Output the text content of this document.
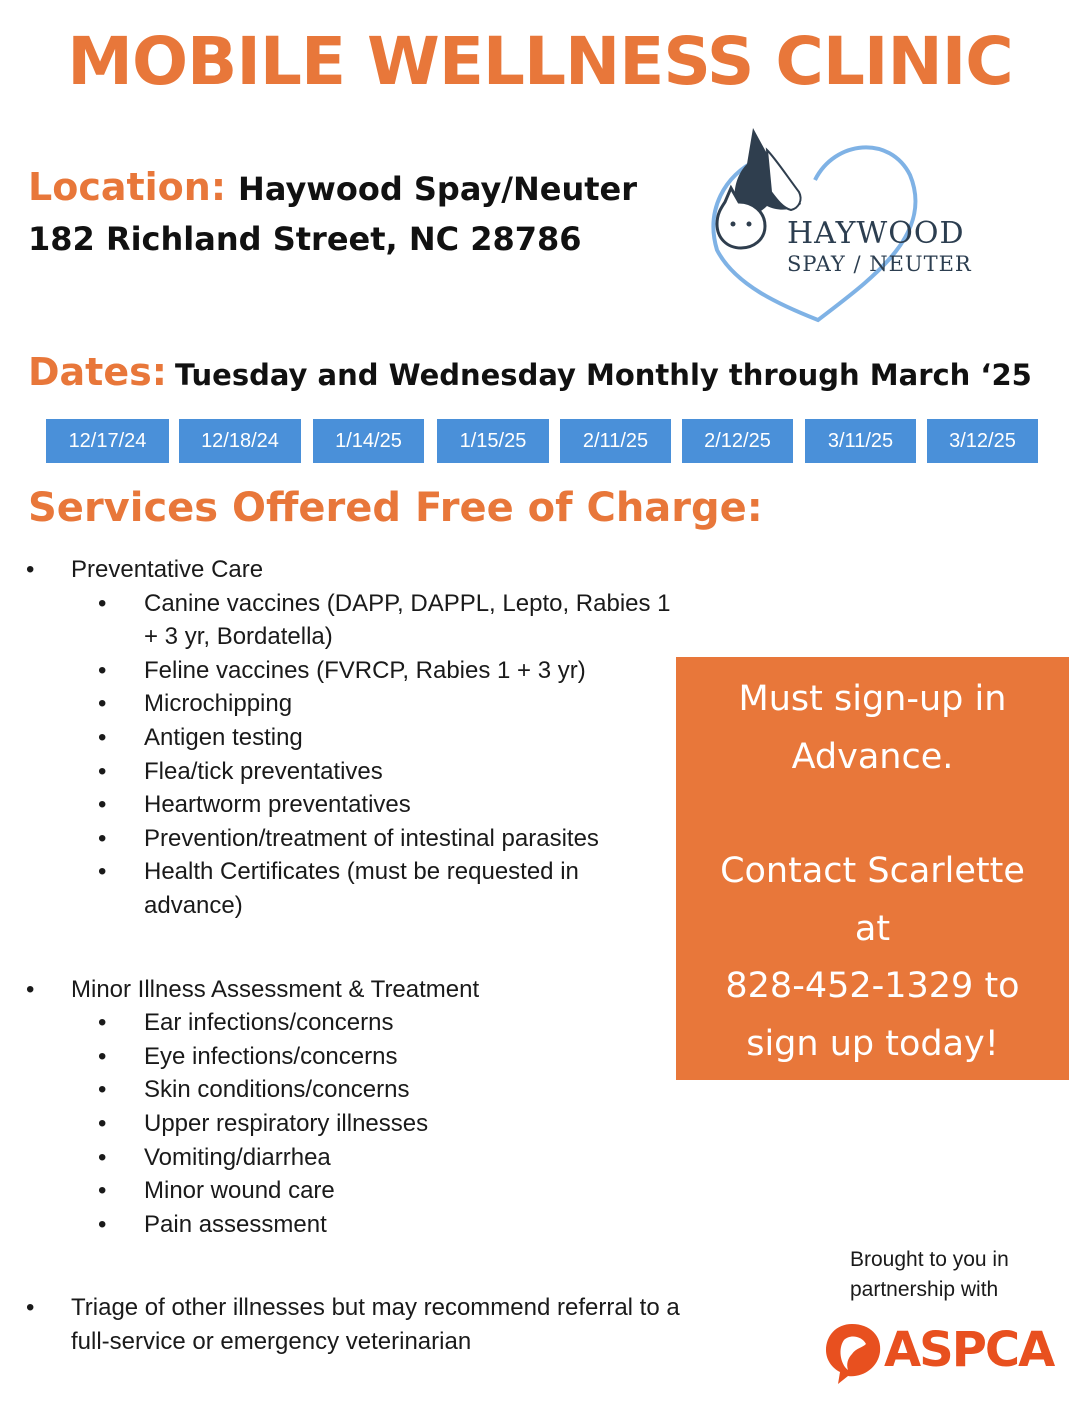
MOBILE WELLNESS CLINIC
Location: Haywood Spay/Neuter
182 Richland Street, NC 28786	HAYWOOD
SPAY / NEUTER
Dates: Tuesday and Wednesday Monthly through March ‘25
12/17/24	12/18/24	1/14/25	1/15/25	2/11/25	2/12/25	3/11/25	3/12/25
Services Offered Free of Charge:
• Preventative Care
• Canine vaccines (DAPP, DAPPL, Lepto, Rabies 1 + 3 yr, Bordatella)
• Feline vaccines (FVRCP, Rabies 1 + 3 yr)
• Microchipping
• Antigen testing
• Flea/tick preventatives
• Heartworm preventatives
• Prevention/treatment of intestinal parasites
• Health Certificates (must be requested in advance)
• Minor Illness Assessment & Treatment
• Ear infections/concerns
• Eye infections/concerns
• Skin conditions/concerns
• Upper respiratory illnesses
• Vomiting/diarrhea
• Minor wound care
• Pain assessment
• Triage of other illnesses but may recommend referral to a full-service or emergency veterinarian
Must sign-up in
Advance.
Contact Scarlette
at
828-452-1329 to
sign up today!
Brought to you in partnership with
ASPCA
